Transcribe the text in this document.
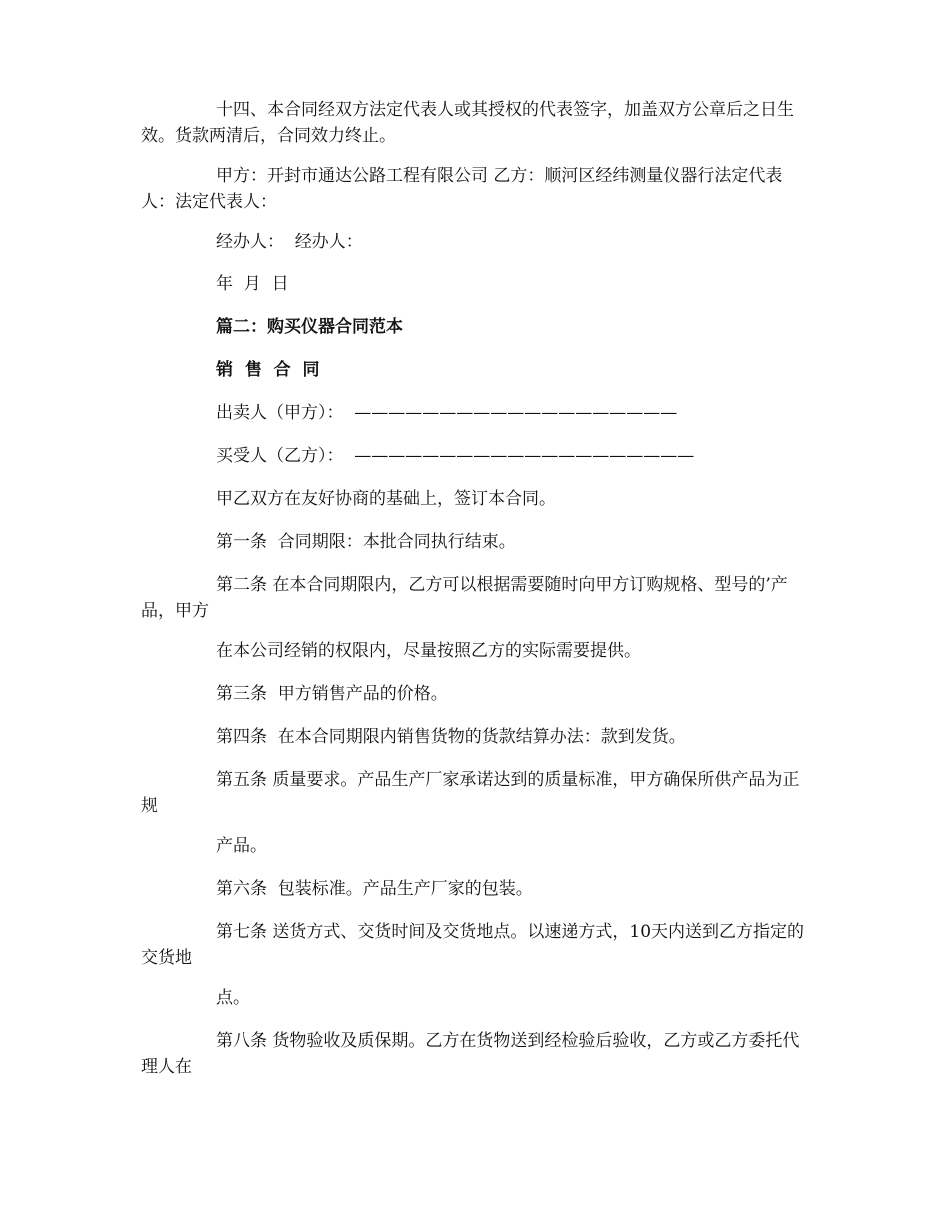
十四、本合同经双方法定代表人或其授权的代表签字，加盖双方公章后之日生效。货款两清后，合同效力终止。

甲方：开封市通达公路工程有限公司 乙方：顺河区经纬测量仪器行法定代表人：法定代表人：

经办人：  经办人：

年  月  日

篇二：购买仪器合同范本

销  售  合  同

出卖人（甲方）：  ———————————————————

买受人（乙方）：  ————————————————————

甲乙双方在友好协商的基础上，签订本合同。

第一条  合同期限：本批合同执行结束。

第二条 在本合同期限内，乙方可以根据需要随时向甲方订购规格、型号的’产品，甲方

在本公司经销的权限内，尽量按照乙方的实际需要提供。

第三条  甲方销售产品的价格。

第四条  在本合同期限内销售货物的货款结算办法：款到发货。

第五条 质量要求。产品生产厂家承诺达到的质量标准，甲方确保所供产品为正规

产品。

第六条  包装标准。产品生产厂家的包装。

第七条 送货方式、交货时间及交货地点。以速递方式，10天内送到乙方指定的交货地

点。

第八条 货物验收及质保期。乙方在货物送到经检验后验收，乙方或乙方委托代理人在
